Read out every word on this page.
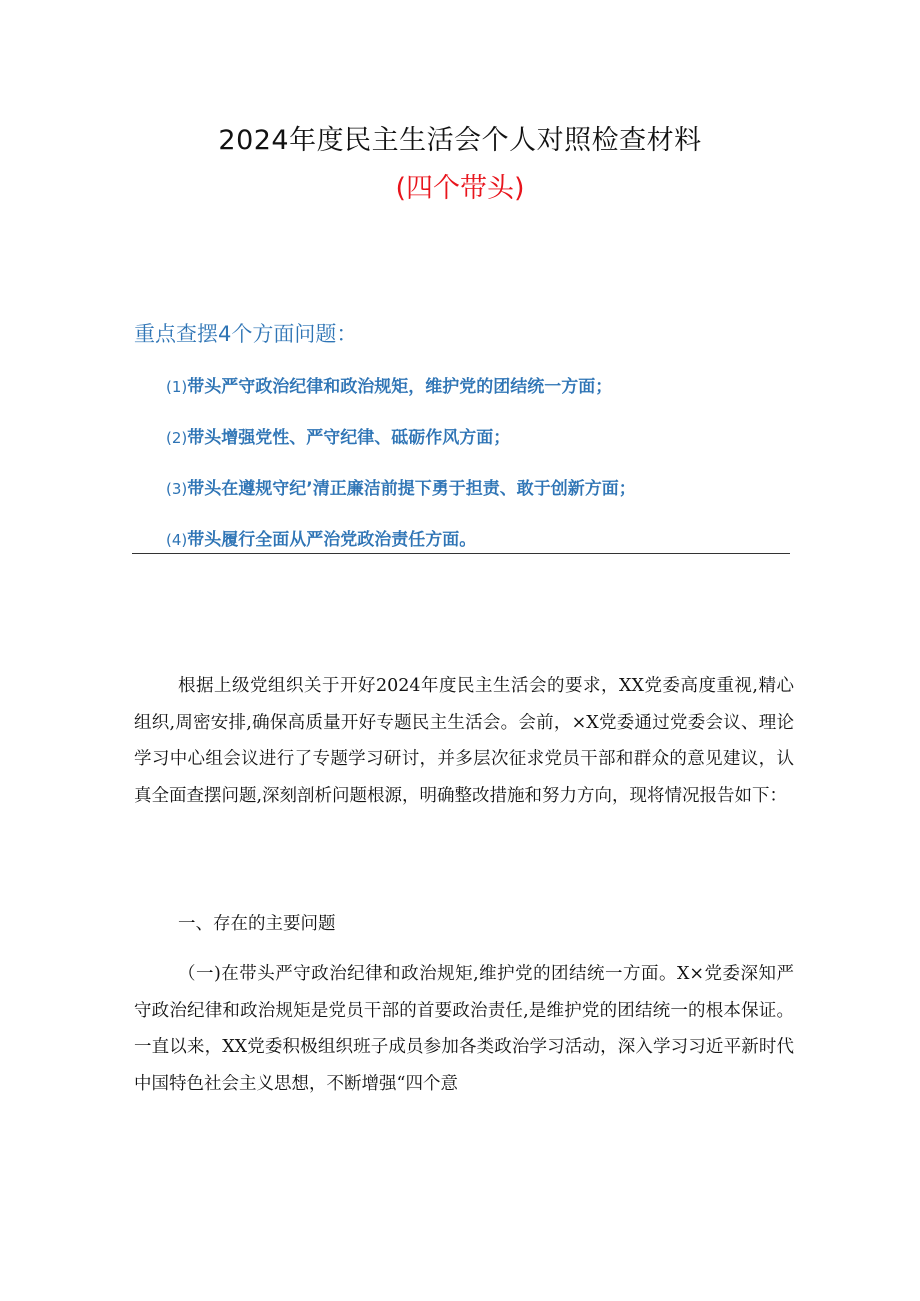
2024年度民主生活会个人对照检查材料
(四个带头)
重点查摆4个方面问题：
(1)带头严守政治纪律和政治规矩，维护党的团结统一方面；
(2)带头增强党性、严守纪律、砥砺作风方面；
(3)带头在遵规守纪’清正廉洁前提下勇于担责、敢于创新方面；
(4)带头履行全面从严治党政治责任方面。

根据上级党组织关于开好2024年度民主生活会的要求，XX党委高度重视,精心组织,周密安排,确保高质量开好专题民主生活会。会前，×X党委通过党委会议、理论学习中心组会议进行了专题学习研讨，并多层次征求党员干部和群众的意见建议，认真全面查摆问题,深刻剖析问题根源，明确整改措施和努力方向，现将情况报告如下：

一、存在的主要问题

（一)在带头严守政治纪律和政治规矩,维护党的团结统一方面。X×党委深知严守政治纪律和政治规矩是党员干部的首要政治责任,是维护党的团结统一的根本保证。一直以来，XX党委积极组织班子成员参加各类政治学习活动，深入学习习近平新时代中国特色社会主义思想，不断增强“四个意
